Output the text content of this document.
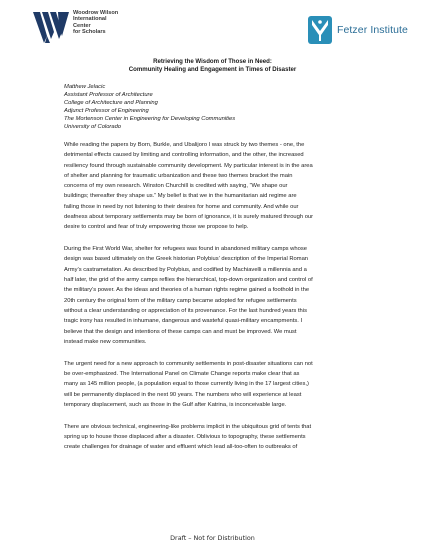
Woodrow Wilson
International
Center
for Scholars	Fetzer Institute
Retrieving the Wisdom of Those in Need:
Community Healing and Engagement in Times of Disaster
Matthew Jelacic
Assistant Professor of Architecture
College of Architecture and Planning
Adjunct Professor of Engineering
The Mortenson Center in Engineering for Developing Communities
University of Colorado
While reading the papers by Born, Burkle, and Ubalijoro I was struck by two themes - one, the
detrimental effects caused by limiting and controlling information, and the other, the increased
resiliency found through sustainable community development. My particular interest is in the area
of shelter and planning for traumatic urbanization and these two themes bracket the main
concerns of my own research. Winston Churchill is credited with saying, “We shape our
buildings; thereafter they shape us.” My belief is that we in the humanitarian aid regime are
failing those in need by not listening to their desires for home and community. And while our
deafness about temporary settlements may be born of ignorance, it is surely matured through our
desire to control and fear of truly empowering those we propose to help.
During the First World War, shelter for refugees was found in abandoned military camps whose
design was based ultimately on the Greek historian Polybius’ description of the Imperial Roman
Army’s castrametation. As described by Polybius, and codified by Machiavelli a millennia and a
half later, the grid of the army camps reflies the hierarchical, top-down organization and control of
the military’s power. As the ideas and theories of a human rights regime gained a foothold in the
20th century the original form of the military camp became adopted for refugee settlements
without a clear understanding or appreciation of its provenance. For the last hundred years this
tragic irony has resulted in inhumane, dangerous and wasteful quasi-military encampments. I
believe that the design and intentions of these camps can and must be improved. We must
instead make new communities.
The urgent need for a new approach to community settlements in post-disaster situations can not
be over-emphasized. The International Panel on Climate Change reports make clear that as
many as 145 million people, (a population equal to those currently living in the 17 largest cities,)
will be permanently displaced in the next 90 years. The numbers who will experience at least
temporary displacement, such as those in the Gulf after Katrina, is inconceivable large.
There are obvious technical, engineering-like problems implicit in the ubiquitous grid of tents that
spring up to house those displaced after a disaster. Oblivious to topography, these settlements
create challenges for drainage of water and effluent which lead all-too-often to outbreaks of
Draft – Not for Distribution
